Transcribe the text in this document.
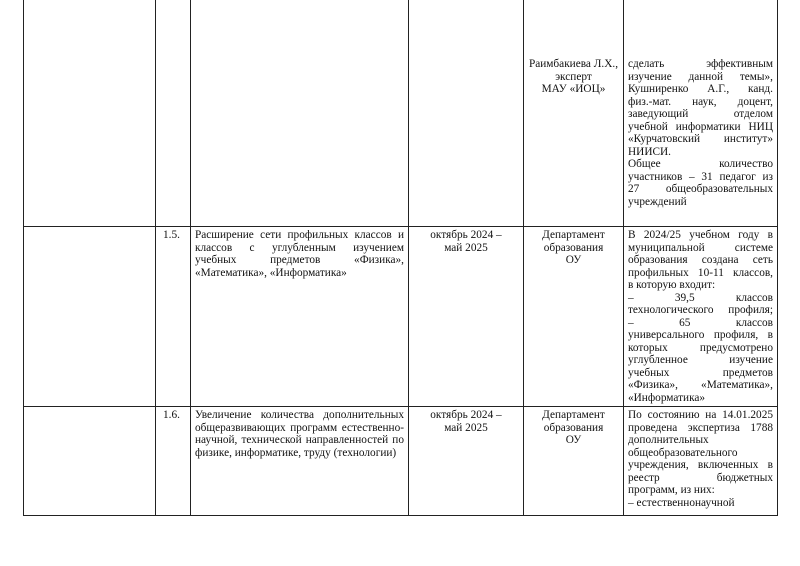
Раимбакиева Л.Х.,
эксперт
МАУ «ИОЦ»
сделать эффективным
изучение данной темы»,
Кушниренко А.Г., канд.
физ.-мат. наук, доцент,
заведующий отделом
учебной информатики НИЦ
«Курчатовский институт»
НИИСИ.
Общее количество
участников – 31 педагог из
27 общеобразовательных
учреждений
1.5. Расширение сети профильных классов и
классов с углубленным изучением
учебных предметов «Физика»,
«Математика», «Информатика»
октябрь 2024 –
май 2025
Департамент
образования
ОУ
В 2024/25 учебном году в
муниципальной системе
образования создана сеть
профильных 10-11 классов,
в которую входит:
– 39,5 классов
технологического профиля;
– 65 классов
универсального профиля, в
которых предусмотрено
углубленное изучение
учебных предметов
«Физика», «Математика»,
«Информатика»
1.6. Увеличение количества дополнительных
общеразвивающих программ естественно-
научной, технической направленностей по
физике, информатике, труду (технологии)
октябрь 2024 –
май 2025
Департамент
образования
ОУ
По состоянию на 14.01.2025
проведена экспертиза 1788
дополнительных
общеобразовательного
учреждения, включенных в
реестр бюджетных
программ, из них:
– естественнонаучной
